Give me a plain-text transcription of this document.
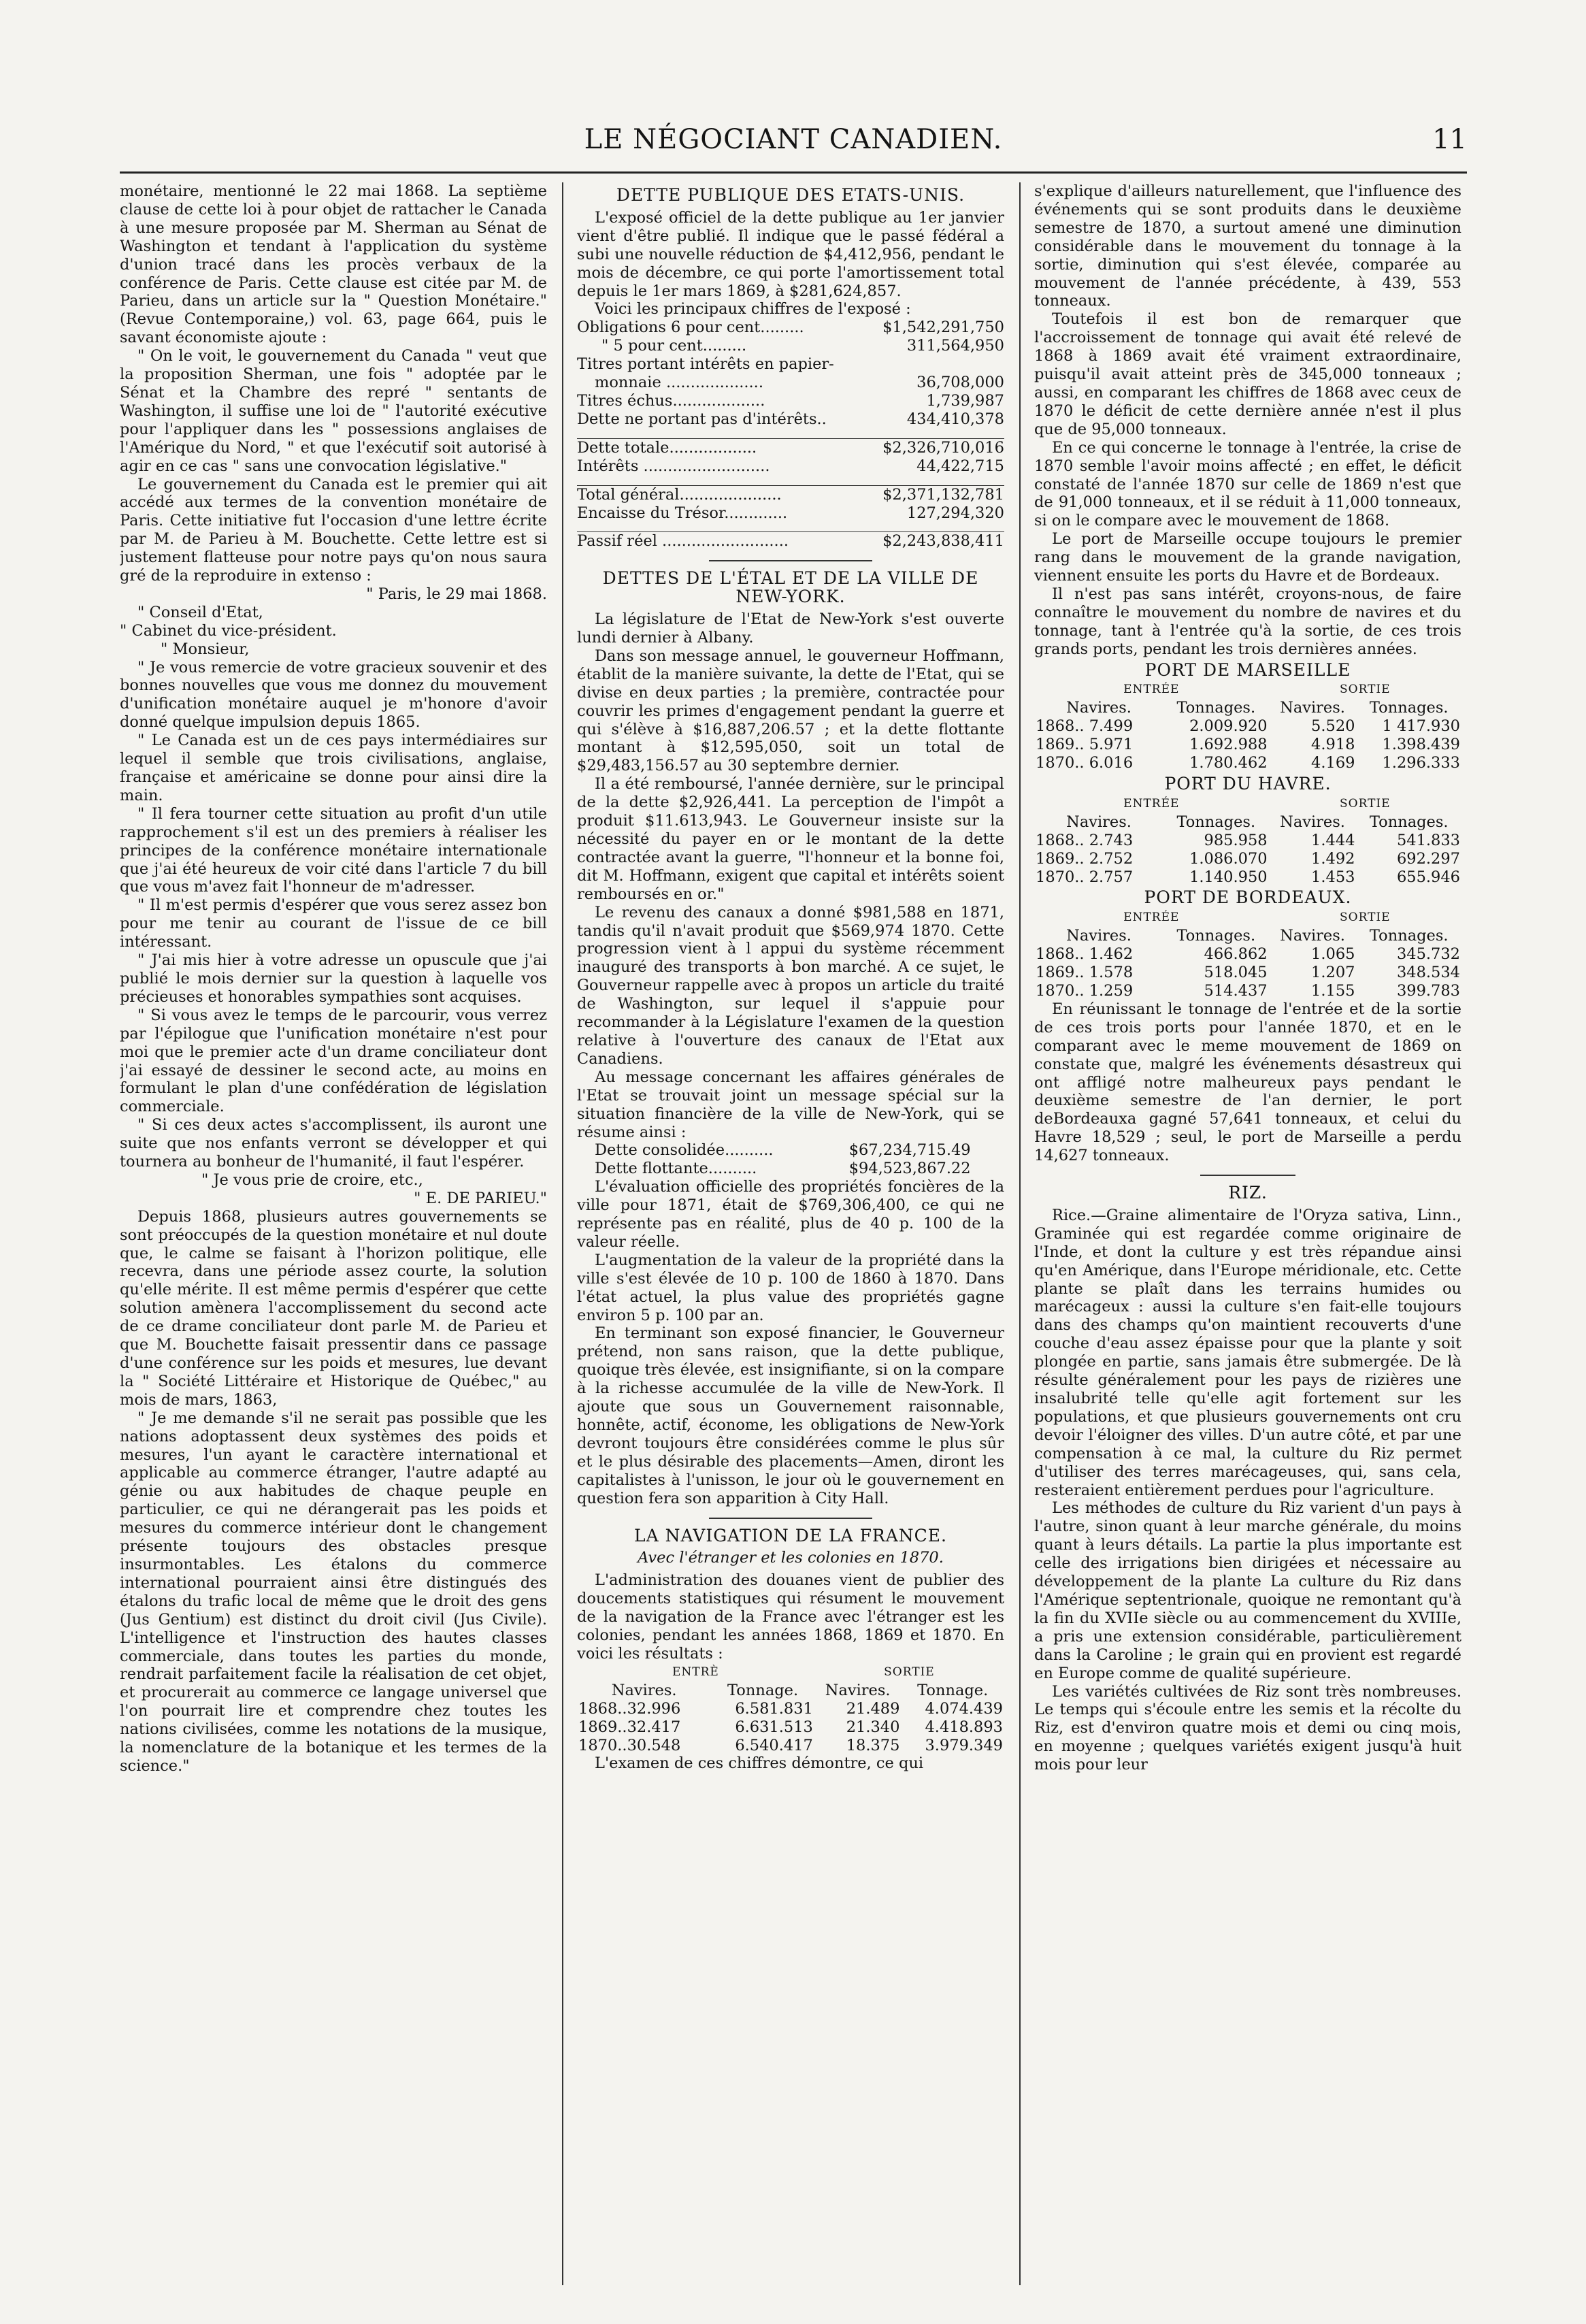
LE NÉGOCIANT CANADIEN.	11

monétaire, mentionné le 22 mai 1868. La septième clause de cette loi à pour objet de rattacher le Canada à une mesure proposée par M. Sherman au Sénat de Washington et tendant à l'application du système d'union tracé dans les procès verbaux de la conférence de Paris. Cette clause est citée par M. de Parieu, dans un article sur la " Question Monétaire." (Revue Contemporaine,) vol. 63, page 664, puis le savant économiste ajoute :

" On le voit, le gouvernement du Canada " veut que la proposition Sherman, une fois " adoptée par le Sénat et la Chambre des repré " sentants de Washington, il suffise une loi de " l'autorité exécutive pour l'appliquer dans les " possessions anglaises de l'Amérique du Nord, " et que l'exécutif soit autorisé à agir en ce cas " sans une convocation législative."

Le gouvernement du Canada est le premier qui ait accédé aux termes de la convention monétaire de Paris. Cette initiative fut l'occasion d'une lettre écrite par M. de Parieu à M. Bouchette. Cette lettre est si justement flatteuse pour notre pays qu'on nous saura gré de la reproduire in extenso :

" Paris, le 29 mai 1868.

" Conseil d'Etat,

" Cabinet du vice-président.

" Monsieur,

" Je vous remercie de votre gracieux souvenir et des bonnes nouvelles que vous me donnez du mouvement d'unification monétaire auquel je m'honore d'avoir donné quelque impulsion depuis 1865.

" Le Canada est un de ces pays intermédiaires sur lequel il semble que trois civilisations, anglaise, française et américaine se donne pour ainsi dire la main.

" Il fera tourner cette situation au profit d'un utile rapprochement s'il est un des premiers à réaliser les principes de la conférence monétaire internationale que j'ai été heureux de voir cité dans l'article 7 du bill que vous m'avez fait l'honneur de m'adresser.

" Il m'est permis d'espérer que vous serez assez bon pour me tenir au courant de l'issue de ce bill intéressant.

" J'ai mis hier à votre adresse un opuscule que j'ai publié le mois dernier sur la question à laquelle vos précieuses et honorables sympathies sont acquises.

" Si vous avez le temps de le parcourir, vous verrez par l'épilogue que l'unification monétaire n'est pour moi que le premier acte d'un drame conciliateur dont j'ai essayé de dessiner le second acte, au moins en formulant le plan d'une confédération de législation commerciale.

" Si ces deux actes s'accomplissent, ils auront une suite que nos enfants verront se développer et qui tournera au bonheur de l'humanité, il faut l'espérer.

" Je vous prie de croire, etc.,

" E. DE PARIEU."

Depuis 1868, plusieurs autres gouvernements se sont préoccupés de la question monétaire et nul doute que, le calme se faisant à l'horizon politique, elle recevra, dans une période assez courte, la solution qu'elle mérite. Il est même permis d'espérer que cette solution amènera l'accomplissement du second acte de ce drame conciliateur dont parle M. de Parieu et que M. Bouchette faisait pressentir dans ce passage d'une conférence sur les poids et mesures, lue devant la " Société Littéraire et Historique de Québec," au mois de mars, 1863,

" Je me demande s'il ne serait pas possible que les nations adoptassent deux systèmes des poids et mesures, l'un ayant le caractère international et applicable au commerce étranger, l'autre adapté au génie ou aux habitudes de chaque peuple en particulier, ce qui ne dérangerait pas les poids et mesures du commerce intérieur dont le changement présente toujours des obstacles presque insurmontables. Les étalons du commerce international pourraient ainsi être distingués des étalons du trafic local de même que le droit des gens (Jus Gentium) est distinct du droit civil (Jus Civile). L'intelligence et l'instruction des hautes classes commerciale, dans toutes les parties du monde, rendrait parfaitement facile la réalisation de cet objet, et procurerait au commerce ce langage universel que l'on pourrait lire et comprendre chez toutes les nations civilisées, comme les notations de la musique, la nomenclature de la botanique et les termes de la science."

DETTE PUBLIQUE DES ETATS-UNIS.

L'exposé officiel de la dette publique au 1er janvier vient d'être publié. Il indique que le passé fédéral a subi une nouvelle réduction de $4,412,956, pendant le mois de décembre, ce qui porte l'amortissement total depuis le 1er mars 1869, à $281,624,857.

Voici les principaux chiffres de l'exposé :

Obligations 6 pour cent.........	$1,542,291,750
" 5 pour cent.........	311,564,950
Titres portant intérêts en papier-	
monnaie ....................	36,708,000
Titres échus...................	1,739,987
Dette ne portant pas d'intérêts..	434,410,378

Dette totale..................	$2,326,710,016
Intérêts ..........................	44,422,715

Total général.....................	$2,371,132,781
Encaisse du Trésor.............	127,294,320

Passif réel ..........................	$2,243,838,411
DETTES DE L'ÉTAL ET DE LA VILLE DE NEW-YORK.

La législature de l'Etat de New-York s'est ouverte lundi dernier à Albany.

Dans son message annuel, le gouverneur Hoffmann, établit de la manière suivante, la dette de l'Etat, qui se divise en deux parties ; la première, contractée pour couvrir les primes d'engagement pendant la guerre et qui s'élève à $16,887,206.57 ; et la dette flottante montant à $12,595,050, soit un total de $29,483,156.57 au 30 septembre dernier.

Il a été remboursé, l'année dernière, sur le principal de la dette $2,926,441. La perception de l'impôt a produit $11.613,943. Le Gouverneur insiste sur la nécessité du payer en or le montant de la dette contractée avant la guerre, "l'honneur et la bonne foi, dit M. Hoffmann, exigent que capital et intérêts soient remboursés en or."

Le revenu des canaux a donné $981,588 en 1871, tandis qu'il n'avait produit que $569,974 1870. Cette progression vient à l appui du système récemment inauguré des transports à bon marché. A ce sujet, le Gouverneur rappelle avec à propos un article du traité de Washington, sur lequel il s'appuie pour recommander à la Législature l'examen de la question relative à l'ouverture des canaux de l'Etat aux Canadiens.

Au message concernant les affaires générales de l'Etat se trouvait joint un message spécial sur la situation financière de la ville de New-York, qui se résume ainsi :

Dette consolidée..........	$67,234,715.49
Dette flottante..........	$94,523,867.22

L'évaluation officielle des propriétés foncières de la ville pour 1871, était de $769,306,400, ce qui ne représente pas en réalité, plus de 40 p. 100 de la valeur réelle.

L'augmentation de la valeur de la propriété dans la ville s'est élevée de 10 p. 100 de 1860 à 1870. Dans l'état actuel, la plus value des propriétés gagne environ 5 p. 100 par an.

En terminant son exposé financier, le Gouverneur prétend, non sans raison, que la dette publique, quoique très élevée, est insignifiante, si on la compare à la richesse accumulée de la ville de New-York. Il ajoute que sous un Gouvernement raisonnable, honnête, actif, économe, les obligations de New-York devront toujours être considérées comme le plus sûr et le plus désirable des placements—Amen, diront les capitalistes à l'unisson, le jour où le gouvernement en question fera son apparition à City Hall.

LA NAVIGATION DE LA FRANCE.
Avec l'étranger et les colonies en 1870.

L'administration des douanes vient de publier des doucements statistiques qui résument le mouvement de la navigation de la France avec l'étranger est les colonies, pendant les années 1868, 1869 et 1870. En voici les résultats :

ENTRÈ		SORTIE	
Navires.	Tonnage.	Navires.	Tonnage.
1868..32.996	6.581.831	21.489	4.074.439
1869..32.417	6.631.513	21.340	4.418.893
1870..30.548	6.540.417	18.375	3.979.349

L'examen de ces chiffres démontre, ce qui

s'explique d'ailleurs naturellement, que l'influence des événements qui se sont produits dans le deuxième semestre de 1870, a surtout amené une diminution considérable dans le mouvement du tonnage à la sortie, diminution qui s'est élevée, comparée au mouvement de l'année précédente, à 439, 553 tonneaux.

Toutefois il est bon de remarquer que l'accroissement de tonnage qui avait été relevé de 1868 à 1869 avait été vraiment extraordinaire, puisqu'il avait atteint près de 345,000 tonneaux ; aussi, en comparant les chiffres de 1868 avec ceux de 1870 le déficit de cette dernière année n'est il plus que de 95,000 tonneaux.

En ce qui concerne le tonnage à l'entrée, la crise de 1870 semble l'avoir moins affecté ; en effet, le déficit constaté de l'année 1870 sur celle de 1869 n'est que de 91,000 tonneaux, et il se réduit à 11,000 tonneaux, si on le compare avec le mouvement de 1868.

Le port de Marseille occupe toujours le premier rang dans le mouvement de la grande navigation, viennent ensuite les ports du Havre et de Bordeaux.

Il n'est pas sans intérêt, croyons-nous, de faire connaître le mouvement du nombre de navires et du tonnage, tant à l'entrée qu'à la sortie, de ces trois grands ports, pendant les trois dernières années.

PORT DE MARSEILLE
ENTRÉE		SORTIE	
Navires.	Tonnages.	Navires.	Tonnages.
1868.. 7.499	2.009.920	5.520	1 417.930
1869.. 5.971	1.692.988	4.918	1.398.439
1870.. 6.016	1.780.462	4.169	1.296.333
PORT DU HAVRE.
ENTRÉE		SORTIE	
Navires.	Tonnages.	Navires.	Tonnages.
1868.. 2.743	985.958	1.444	541.833
1869.. 2.752	1.086.070	1.492	692.297
1870.. 2.757	1.140.950	1.453	655.946
PORT DE BORDEAUX.
ENTRÉE		SORTIE	
Navires.	Tonnages.	Navires.	Tonnages.
1868.. 1.462	466.862	1.065	345.732
1869.. 1.578	518.045	1.207	348.534
1870.. 1.259	514.437	1.155	399.783

En réunissant le tonnage de l'entrée et de la sortie de ces trois ports pour l'année 1870, et en le comparant avec le meme mouvement de 1869 on constate que, malgré les événements désastreux qui ont affligé notre malheureux pays pendant le deuxième semestre de l'an dernier, le port deBordeauxa gagné 57,641 tonneaux, et celui du Havre 18,529 ; seul, le port de Marseille a perdu 14,627 tonneaux.

RIZ.

Rice.—Graine alimentaire de l'Oryza sativa, Linn., Graminée qui est regardée comme originaire de l'Inde, et dont la culture y est très répandue ainsi qu'en Amérique, dans l'Europe méridionale, etc. Cette plante se plaît dans les terrains humides ou marécageux : aussi la culture s'en fait-elle toujours dans des champs qu'on maintient recouverts d'une couche d'eau assez épaisse pour que la plante y soit plongée en partie, sans jamais être submergée. De là résulte généralement pour les pays de rizières une insalubrité telle qu'elle agit fortement sur les populations, et que plusieurs gouvernements ont cru devoir l'éloigner des villes. D'un autre côté, et par une compensation à ce mal, la culture du Riz permet d'utiliser des terres marécageuses, qui, sans cela, resteraient entièrement perdues pour l'agriculture.

Les méthodes de culture du Riz varient d'un pays à l'autre, sinon quant à leur marche générale, du moins quant à leurs détails. La partie la plus importante est celle des irrigations bien dirigées et nécessaire au développement de la plante La culture du Riz dans l'Amérique septentrionale, quoique ne remontant qu'à la fin du XVIIe siècle ou au commencement du XVIIIe, a pris une extension considérable, particulièrement dans la Caroline ; le grain qui en provient est regardé en Europe comme de qualité supérieure.

Les variétés cultivées de Riz sont très nombreuses. Le temps qui s'écoule entre les semis et la récolte du Riz, est d'environ quatre mois et demi ou cinq mois, en moyenne ; quelques variétés exigent jusqu'à huit mois pour leur
